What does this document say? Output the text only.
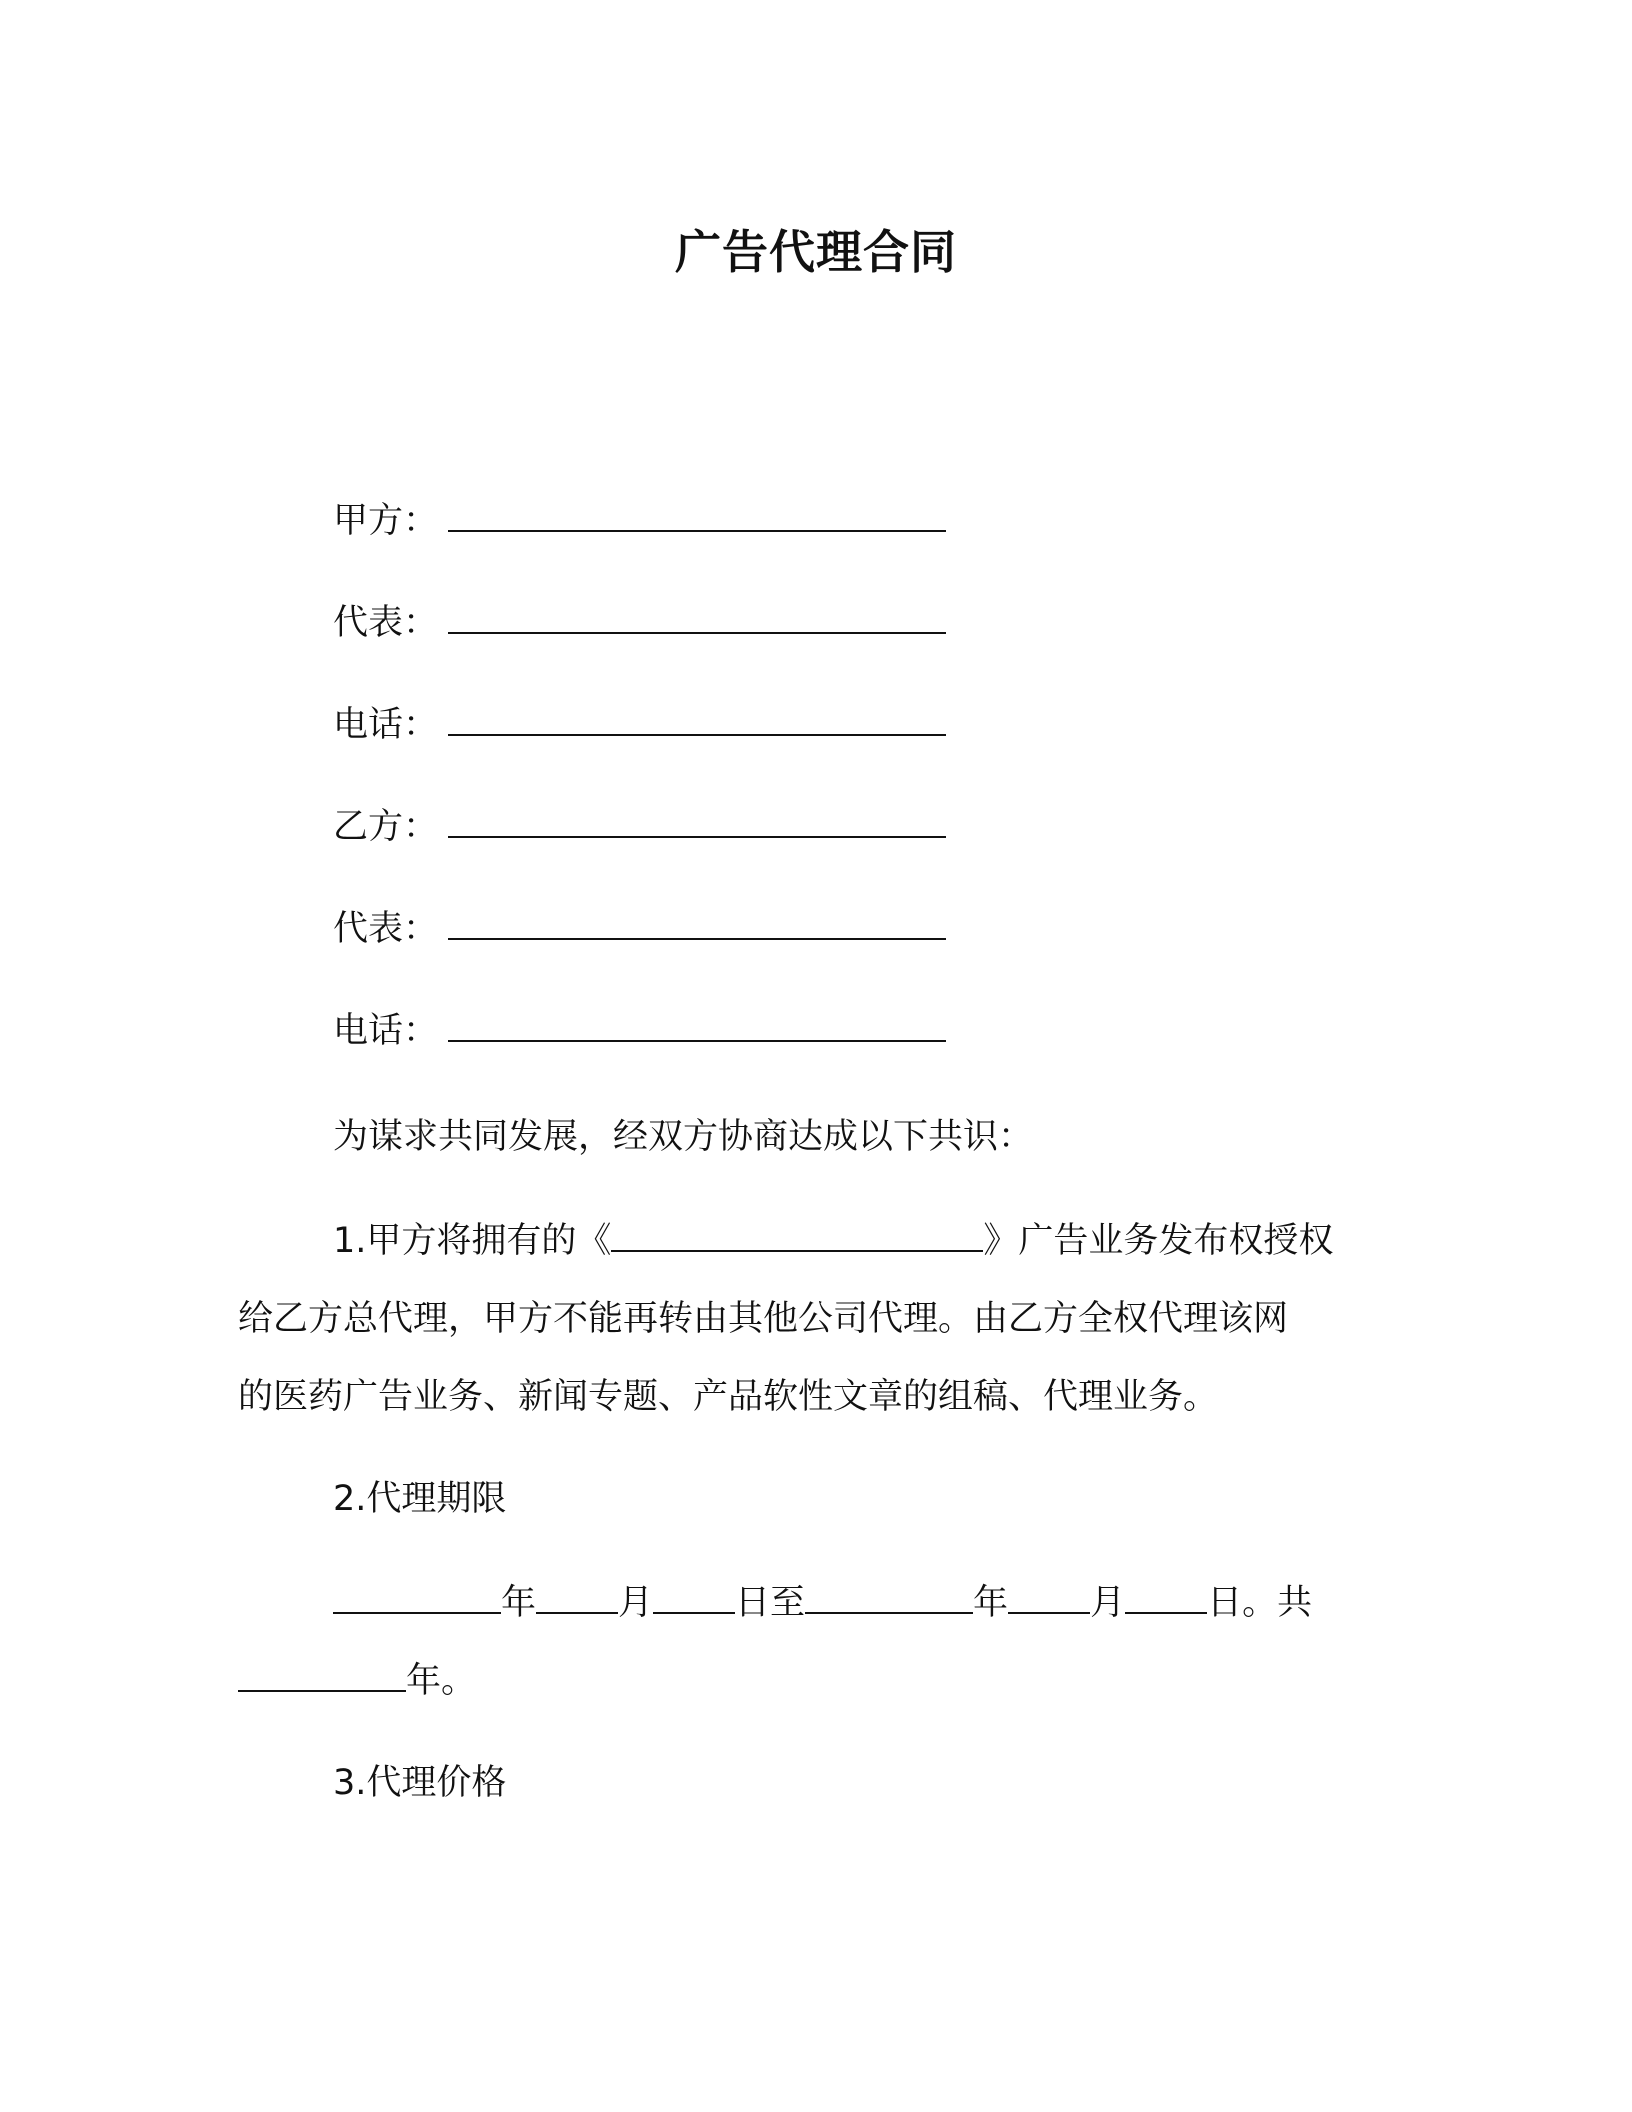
广告代理合同
甲方：
代表：
电话：
乙方：
代表：
电话：
为谋求共同发展，经双方协商达成以下共识：
1.甲方将拥有的《	》广告业务发布权授权
给乙方总代理，甲方不能再转由其他公司代理。由乙方全权代理该网
的医药广告业务、新闻专题、产品软性文章的组稿、代理业务。
2.代理期限
年 月 日至	年 月 日。共
年。
3.代理价格
